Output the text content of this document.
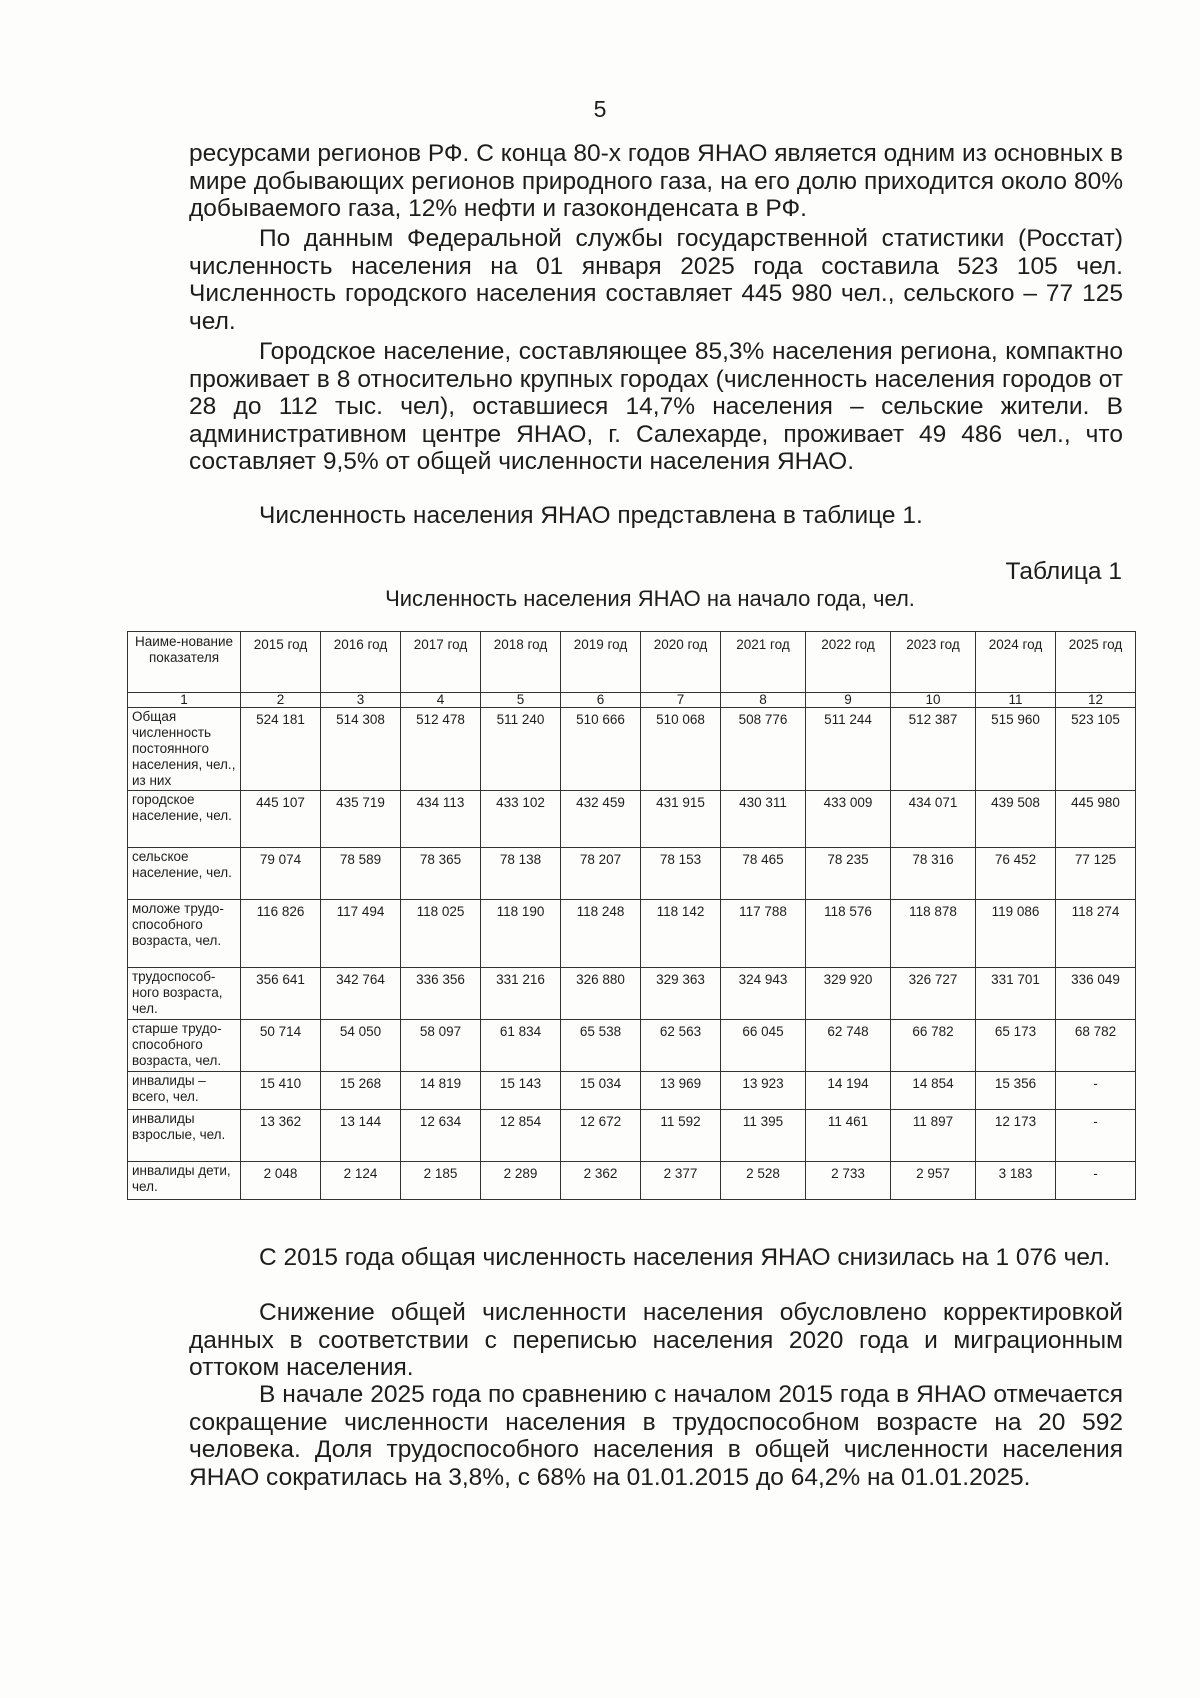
5

ресурсами регионов РФ. С конца 80-х годов ЯНАО является одним из основных в мире добывающих регионов природного газа, на его долю приходится около 80% добываемого газа, 12% нефти и газоконденсата в РФ.

По данным Федеральной службы государственной статистики (Росстат) численность населения на 01 января 2025 года составила 523 105 чел. Численность городского населения составляет 445 980 чел., сельского – 77 125 чел.

Городское население, составляющее 85,3% населения региона, компактно проживает в 8 относительно крупных городах (численность населения городов от 28 до 112 тыс. чел), оставшиеся 14,7% населения – сельские жители. В административном центре ЯНАО, г. Салехарде, проживает 49 486 чел., что составляет 9,5% от общей численности населения ЯНАО.

Численность населения ЯНАО представлена в таблице 1.

Таблица 1
Численность населения ЯНАО на начало года, чел.
Наиме-нование показателя	2015 год	2016 год	2017 год	2018 год	2019 год	2020 год	2021 год	2022 год	2023 год	2024 год	2025 год
1	2	3	4	5	6	7	8	9	10	11	12
Общая численность постоянного населения, чел., из них	524 181	514 308	512 478	511 240	510 666	510 068	508 776	511 244	512 387	515 960	523 105
городское население, чел.	445 107	435 719	434 113	433 102	432 459	431 915	430 311	433 009	434 071	439 508	445 980
сельское население, чел.	79 074	78 589	78 365	78 138	78 207	78 153	78 465	78 235	78 316	76 452	77 125
моложе трудо-способного возраста, чел.	116 826	117 494	118 025	118 190	118 248	118 142	117 788	118 576	118 878	119 086	118 274
трудоспособ-ного возраста, чел.	356 641	342 764	336 356	331 216	326 880	329 363	324 943	329 920	326 727	331 701	336 049
старше трудо-способного возраста, чел.	50 714	54 050	58 097	61 834	65 538	62 563	66 045	62 748	66 782	65 173	68 782
инвалиды – всего, чел.	15 410	15 268	14 819	15 143	15 034	13 969	13 923	14 194	14 854	15 356	-
инвалиды взрослые, чел.	13 362	13 144	12 634	12 854	12 672	11 592	11 395	11 461	11 897	12 173	-
инвалиды дети, чел.	2 048	2 124	2 185	2 289	2 362	2 377	2 528	2 733	2 957	3 183	-

С 2015 года общая численность населения ЯНАО снизилась на 1 076 чел.

Снижение общей численности населения обусловлено корректировкой данных в соответствии с переписью населения 2020 года и миграционным оттоком населения.

В начале 2025 года по сравнению с началом 2015 года в ЯНАО отмечается сокращение численности населения в трудоспособном возрасте на 20 592 человека. Доля трудоспособного населения в общей численности населения ЯНАО сократилась на 3,8%, с 68% на 01.01.2015 до 64,2% на 01.01.2025.
